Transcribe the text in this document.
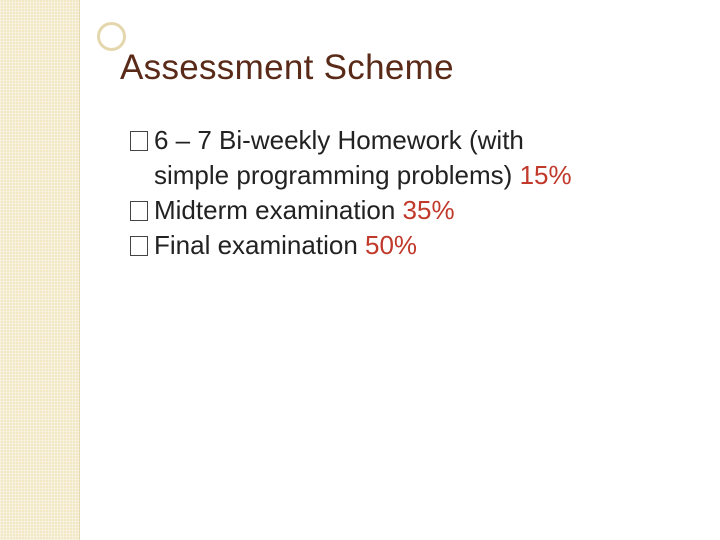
Assessment Scheme
6 – 7 Bi-weekly Homework (with
simple programming problems) 15%
Midterm examination 35%
Final examination 50%
